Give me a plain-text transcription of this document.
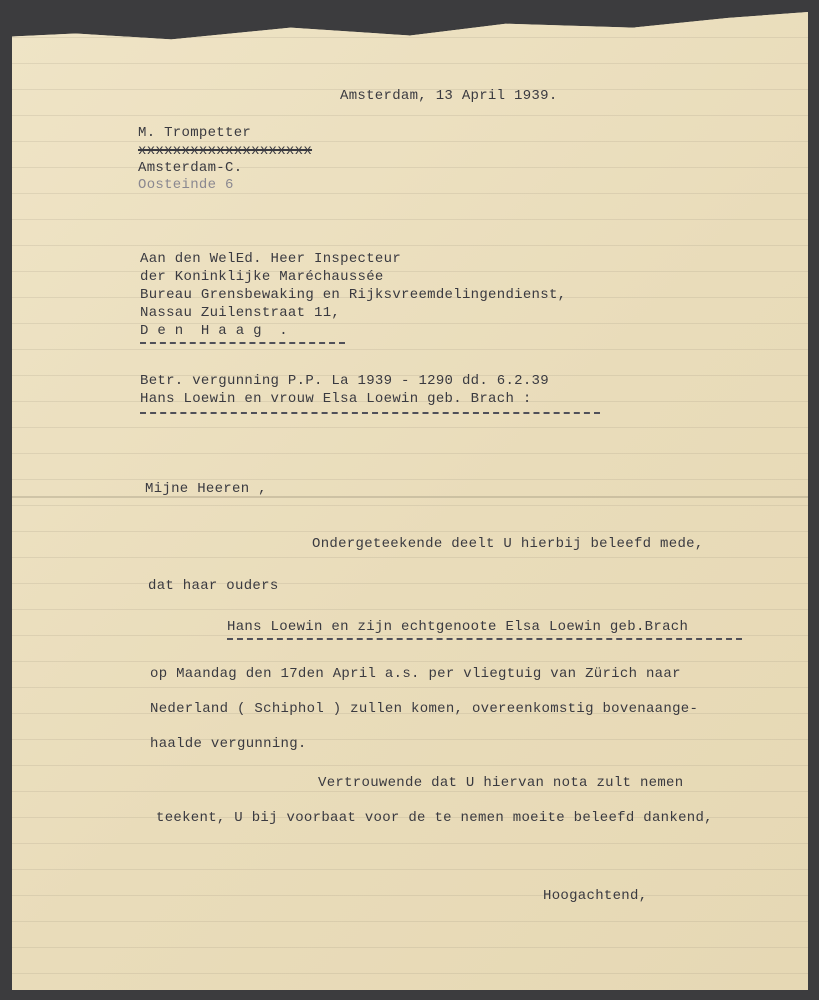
Amsterdam, 13 April 1939.
M. Trompetter
xxxxxxxxxxxxxxxxxxxx
Amsterdam-C.
Oosteinde 6
Aan den WelEd. Heer Inspecteur
der Koninklijke Maréchaussée
Bureau Grensbewaking en Rijksvreemdelingendienst,
Nassau Zuilenstraat 11,
D e n  H a a g  .
Betr. vergunning P.P. La 1939 - 1290 dd. 6.2.39
Hans Loewin en vrouw Elsa Loewin geb. Brach :
Mijne Heeren ,
Ondergeteekende deelt U hierbij beleefd mede,
dat haar ouders
Hans Loewin en zijn echtgenoote Elsa Loewin geb.Brach
op Maandag den 17den April a.s. per vliegtuig van Zürich naar
Nederland ( Schiphol ) zullen komen, overeenkomstig bovenaange-
haalde vergunning.
Vertrouwende dat U hiervan nota zult nemen
teekent, U bij voorbaat voor de te nemen moeite beleefd dankend,
Hoogachtend,
